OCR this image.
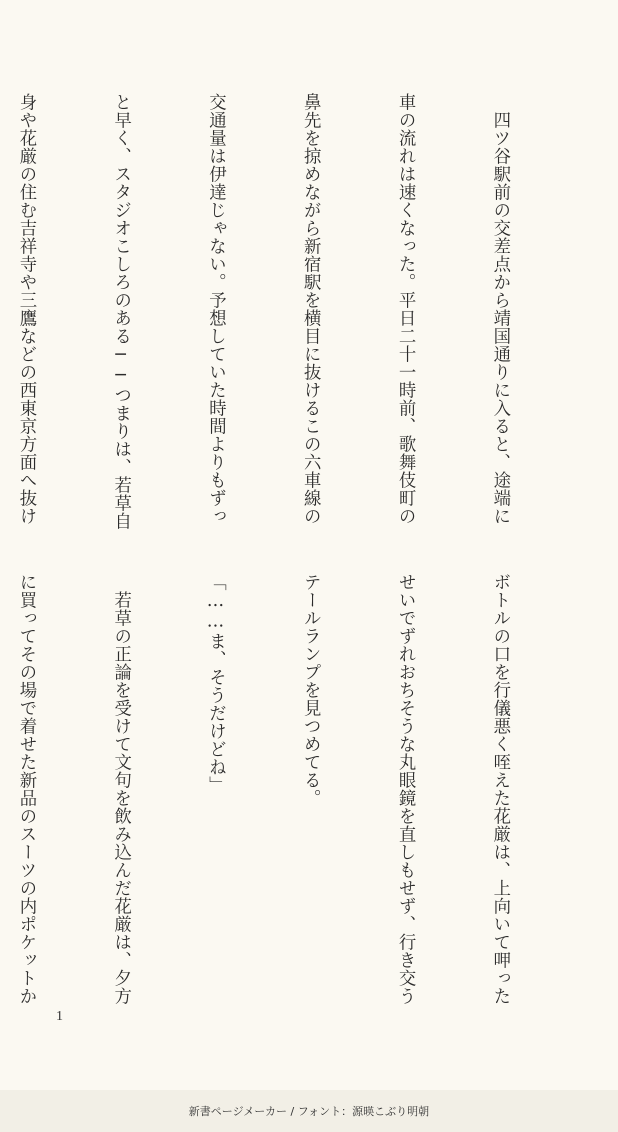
　四ツ谷駅前の交差点から靖国通りに入ると、途端に

車の流れは速くなった。平日二十一時前、歌舞伎町の

鼻先を掠めながら新宿駅を横目に抜けるこの六車線の

交通量は伊達じゃない。予想していた時間よりもずっ

と早く、スタジオこしろのある──つまりは、若草自

身や花厳の住む吉祥寺や三鷹などの西東京方面へ抜け

ボトルの口を行儀悪く咥えた花厳は、上向いて呷った

せいでずれおちそうな丸眼鏡を直しもせず、行き交う

テールランプを見つめてる。

「……ま、そうだけどね」

　若草の正論を受けて文句を飲み込んだ花厳は、夕方

に買ってその場で着せた新品のスーツの内ポケットか

1
新書ページメーカー / フォント：源暎こぶり明朝
